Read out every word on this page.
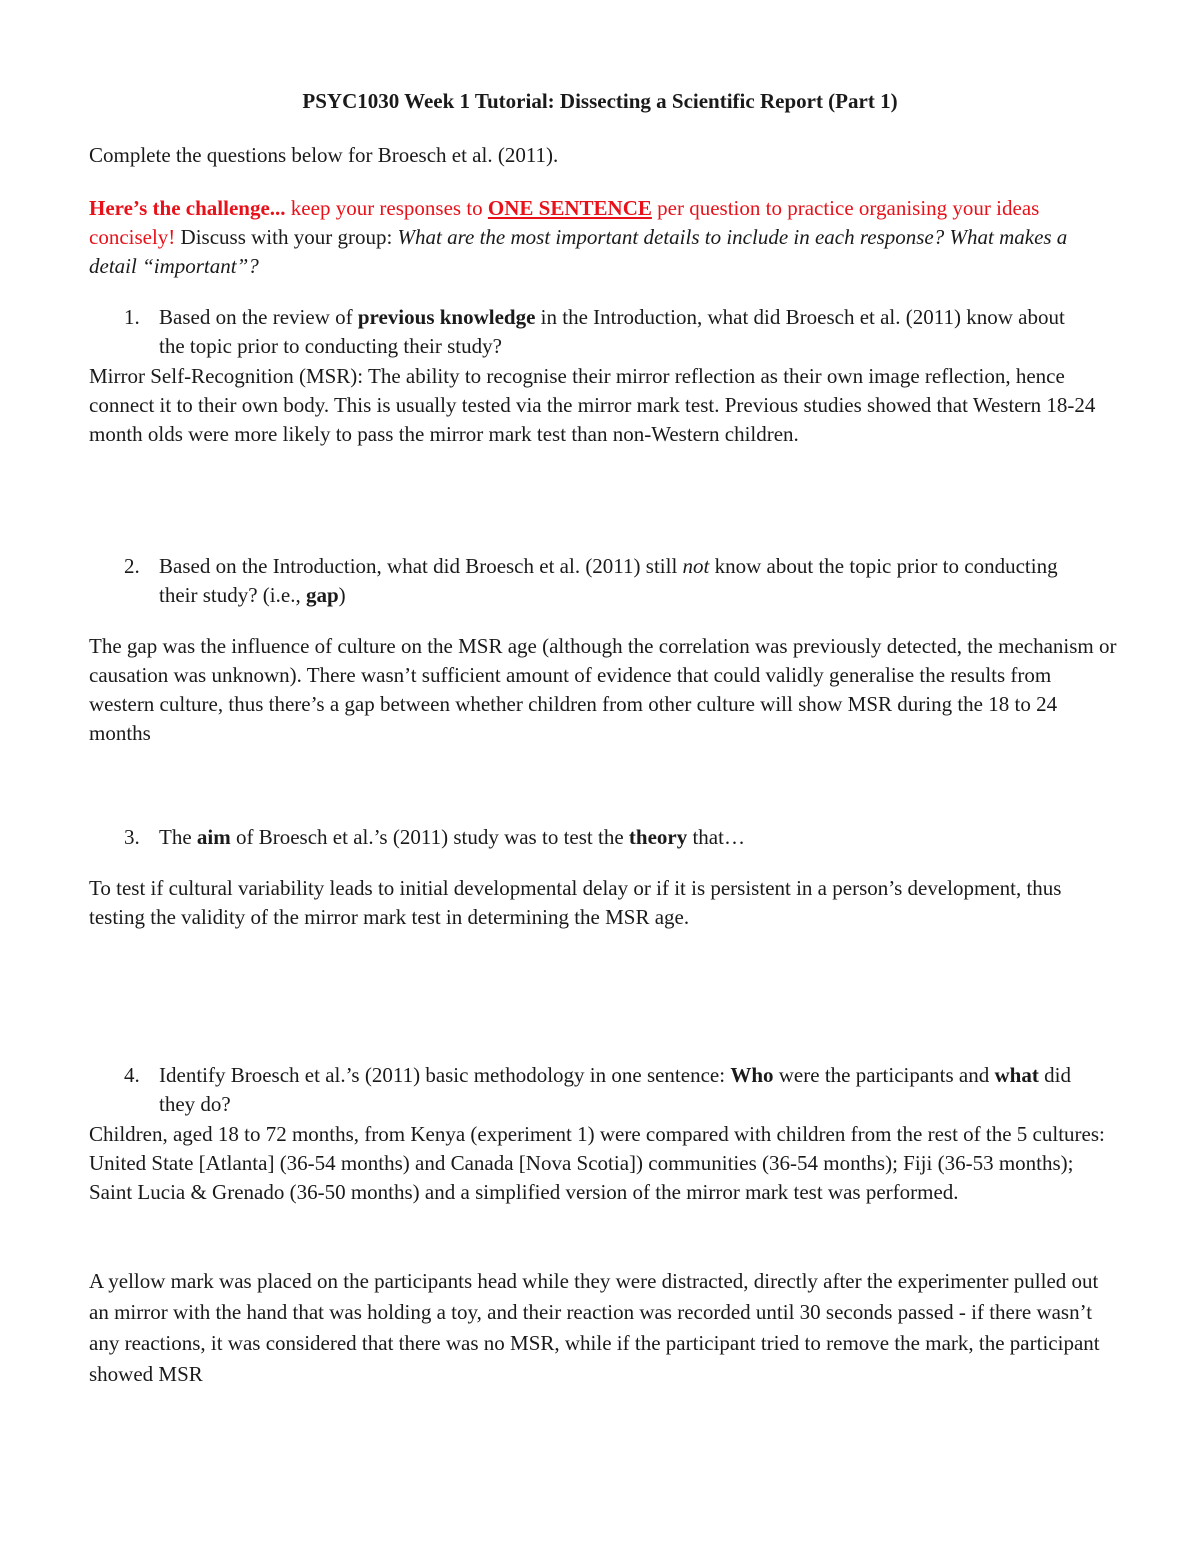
PSYC1030 Week 1 Tutorial: Dissecting a Scientific Report (Part 1)

Complete the questions below for Broesch et al. (2011).

Here’s the challenge... keep your responses to ONE SENTENCE per question to practice organising your ideas concisely! Discuss with your group: What are the most important details to include in each response? What makes a detail “important”?

1. Based on the review of previous knowledge in the Introduction, what did Broesch et al. (2011) know about the topic prior to conducting their study?

Mirror Self-Recognition (MSR): The ability to recognise their mirror reflection as their own image reflection, hence connect it to their own body. This is usually tested via the mirror mark test. Previous studies showed that Western 18-24 month olds were more likely to pass the mirror mark test than non-Western children.

2. Based on the Introduction, what did Broesch et al. (2011) still not know about the topic prior to conducting their study? (i.e., gap)

The gap was the influence of culture on the MSR age (although the correlation was previously detected, the mechanism or causation was unknown). There wasn’t sufficient amount of evidence that could validly generalise the results from western culture, thus there’s a gap between whether children from other culture will show MSR during the 18 to 24 months

3. The aim of Broesch et al.’s (2011) study was to test the theory that…

To test if cultural variability leads to initial developmental delay or if it is persistent in a person’s development, thus testing the validity of the mirror mark test in determining the MSR age.

4. Identify Broesch et al.’s (2011) basic methodology in one sentence: Who were the participants and what did they do?

Children, aged 18 to 72 months, from Kenya (experiment 1) were compared with children from the rest of the 5 cultures: United State [Atlanta] (36-54 months) and Canada [Nova Scotia]) communities (36-54 months); Fiji (36-53 months); Saint Lucia & Grenado (36-50 months) and a simplified version of the mirror mark test was performed.

A yellow mark was placed on the participants head while they were distracted, directly after the experimenter pulled out an mirror with the hand that was holding a toy, and their reaction was recorded until 30 seconds passed - if there wasn’t any reactions, it was considered that there was no MSR, while if the participant tried to remove the mark, the participant showed MSR
